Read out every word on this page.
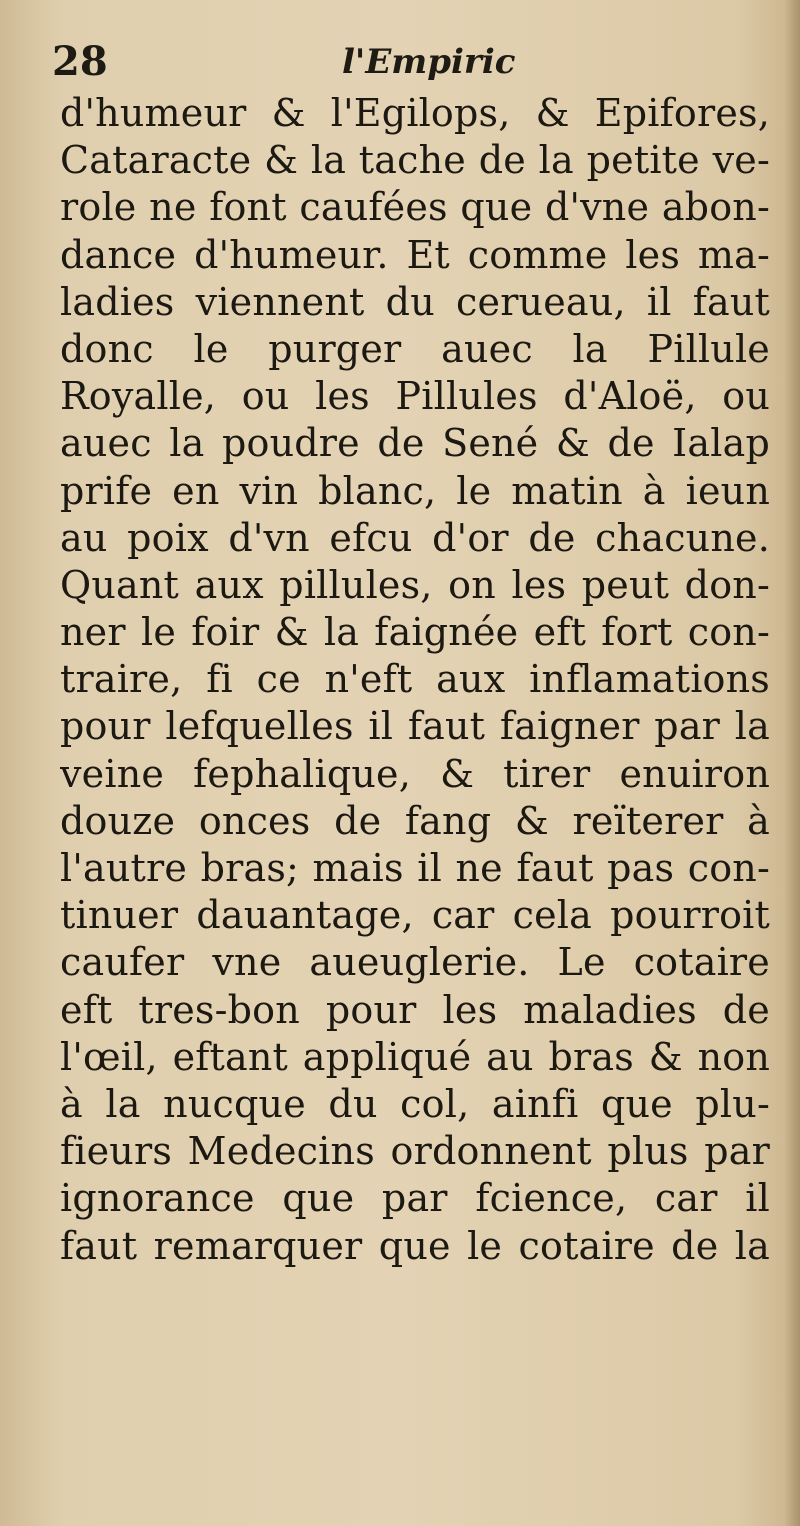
28	l'Empiric
d'humeur & l'Egilops, & Epifores,
Cataracte & la tache de la petite ve-
role ne font caufées que d'vne abon-
dance d'humeur. Et comme les ma-
ladies viennent du cerueau, il faut
donc le purger auec la Pillule
Royalle, ou les Pillules d'Aloë, ou
auec la poudre de Sené & de Ialap
prife en vin blanc, le matin à ieun
au poix d'vn efcu d'or de chacune.
Quant aux pillules, on les peut don-
ner le foir & la faignée eft fort con-
traire, fi ce n'eft aux inflamations
pour lefquelles il faut faigner par la
veine fephalique, & tirer enuiron
douze onces de fang & reïterer à
l'autre bras; mais il ne faut pas con-
tinuer dauantage, car cela pourroit
caufer vne aueuglerie. Le cotaire
eft tres-bon pour les maladies de
l'œil, eftant appliqué au bras & non
à la nucque du col, ainfi que plu-
fieurs Medecins ordonnent plus par
ignorance que par fcience, car il
faut remarquer que le cotaire de la
